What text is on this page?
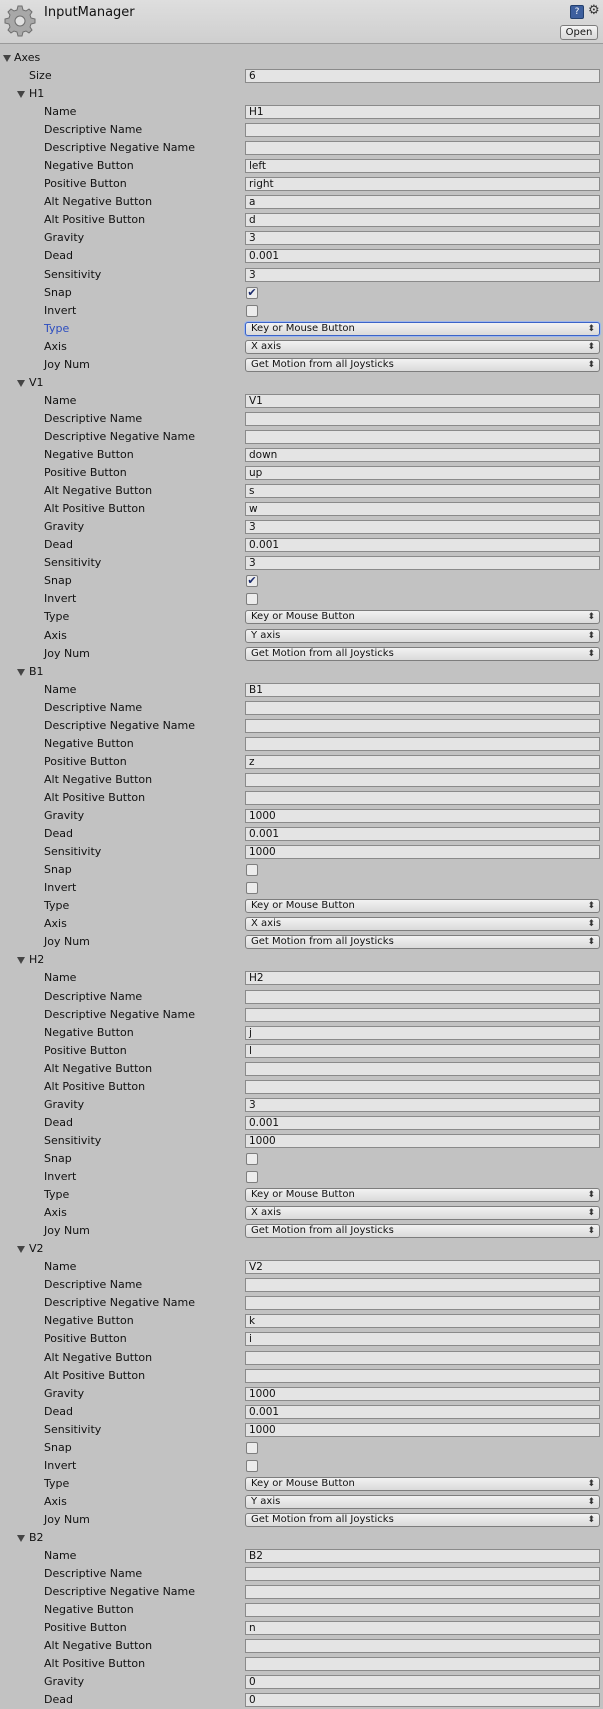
InputManager	? ⚙
Open
Axes
Size	6
H1
Name	H1
Descriptive Name
Descriptive Negative Name
Negative Button	left
Positive Button	right
Alt Negative Button	a
Alt Positive Button	d
Gravity	3
Dead	0.001
Sensitivity	3
Snap	✔
Invert
Type	Key or Mouse Button	⬍
Axis	X axis	⬍
Joy Num	Get Motion from all Joysticks	⬍
V1
Name	V1
Descriptive Name
Descriptive Negative Name
Negative Button	down
Positive Button	up
Alt Negative Button	s
Alt Positive Button	w
Gravity	3
Dead	0.001
Sensitivity	3
Snap	✔
Invert
Type	Key or Mouse Button	⬍
Axis	Y axis	⬍
Joy Num	Get Motion from all Joysticks	⬍
B1
Name	B1
Descriptive Name
Descriptive Negative Name
Negative Button
Positive Button	z
Alt Negative Button
Alt Positive Button
Gravity	1000
Dead	0.001
Sensitivity	1000
Snap
Invert
Type	Key or Mouse Button	⬍
Axis	X axis	⬍
Joy Num	Get Motion from all Joysticks	⬍
H2
Name	H2
Descriptive Name
Descriptive Negative Name
Negative Button	j
Positive Button	l
Alt Negative Button
Alt Positive Button
Gravity	3
Dead	0.001
Sensitivity	1000
Snap
Invert
Type	Key or Mouse Button	⬍
Axis	X axis	⬍
Joy Num	Get Motion from all Joysticks	⬍
V2
Name	V2
Descriptive Name
Descriptive Negative Name
Negative Button	k
Positive Button	i
Alt Negative Button
Alt Positive Button
Gravity	1000
Dead	0.001
Sensitivity	1000
Snap
Invert
Type	Key or Mouse Button	⬍
Axis	Y axis	⬍
Joy Num	Get Motion from all Joysticks	⬍
B2
Name	B2
Descriptive Name
Descriptive Negative Name
Negative Button
Positive Button	n
Alt Negative Button
Alt Positive Button
Gravity	0
Dead	0
